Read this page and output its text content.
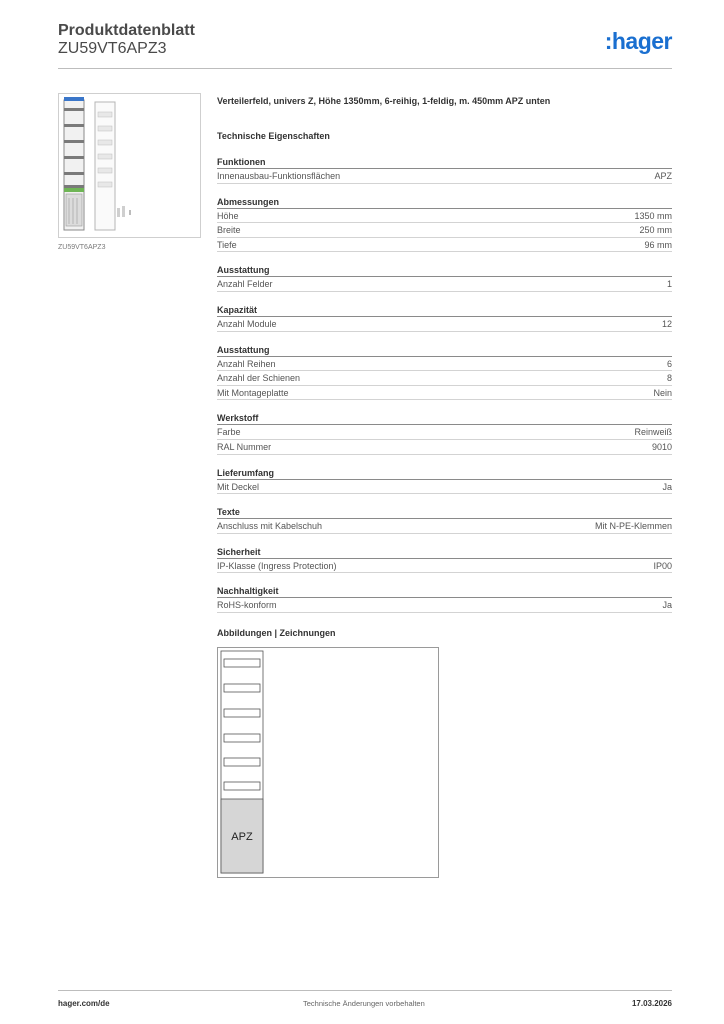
Produktdatenblatt
ZU59VT6APZ3	:hager
ZU59VT6APZ3
Verteilerfeld, univers Z, Höhe 1350mm, 6-reihig, 1-feldig, m. 450mm APZ unten
Technische Eigenschaften
Funktionen
Innenausbau-Funktionsflächen	APZ
Abmessungen
Höhe	1350 mm
Breite	250 mm
Tiefe	96 mm
Ausstattung
Anzahl Felder	1
Kapazität
Anzahl Module	12
Ausstattung
Anzahl Reihen	6
Anzahl der Schienen	8
Mit Montageplatte	Nein
Werkstoff
Farbe	Reinweiß
RAL Nummer	9010
Lieferumfang
Mit Deckel	Ja
Texte
Anschluss mit Kabelschuh	Mit N-PE-Klemmen
Sicherheit
IP-Klasse (Ingress Protection)	IP00
Nachhaltigkeit
RoHS-konform	Ja
Abbildungen | Zeichnungen
APZ
hager.com/de	Technische Änderungen vorbehalten	17.03.2026
